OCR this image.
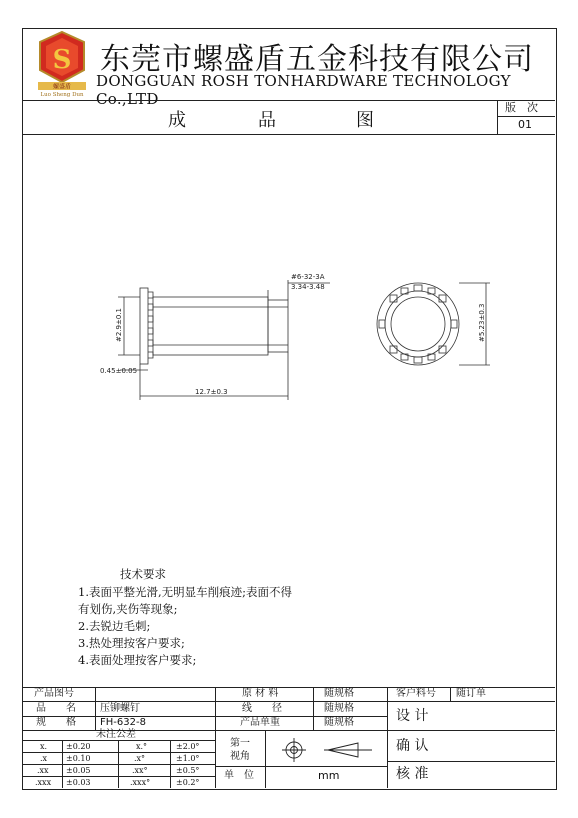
S
螺盛盾
Luo Sheng Dun
东莞市螺盛盾五金科技有限公司
DONGGUAN ROSH TONHARDWARE TECHNOLOGY Co.,LTD
成	品	图
版　次
01
#6-32-3A
3.34-3.48
#2.9±0.1
0.45±0.05
12.7±0.3
#5.23±0.3
技术要求
1.表面平整光滑,无明显车削痕迹;表面不得
有划伤,夹伤等现象;
2.去锐边毛刺;
3.热处理按客户要求;
4.表面处理按客户要求;
产品图号
品　　名 压铆螺钉
规　　格 FH-632-8
原 材 料	随规格
线　　径	随规格
产品单重	随规格
客户料号 随订单
设 计
确 认
核 准
未注公差
x. ±0.20	x.°	±2.0°
.x ±0.10	.x°	±1.0°
.xx ±0.05	.xx°	±0.5°
.xxx ±0.03	.xxx°	±0.2°
第一
视角
单　位	mm
